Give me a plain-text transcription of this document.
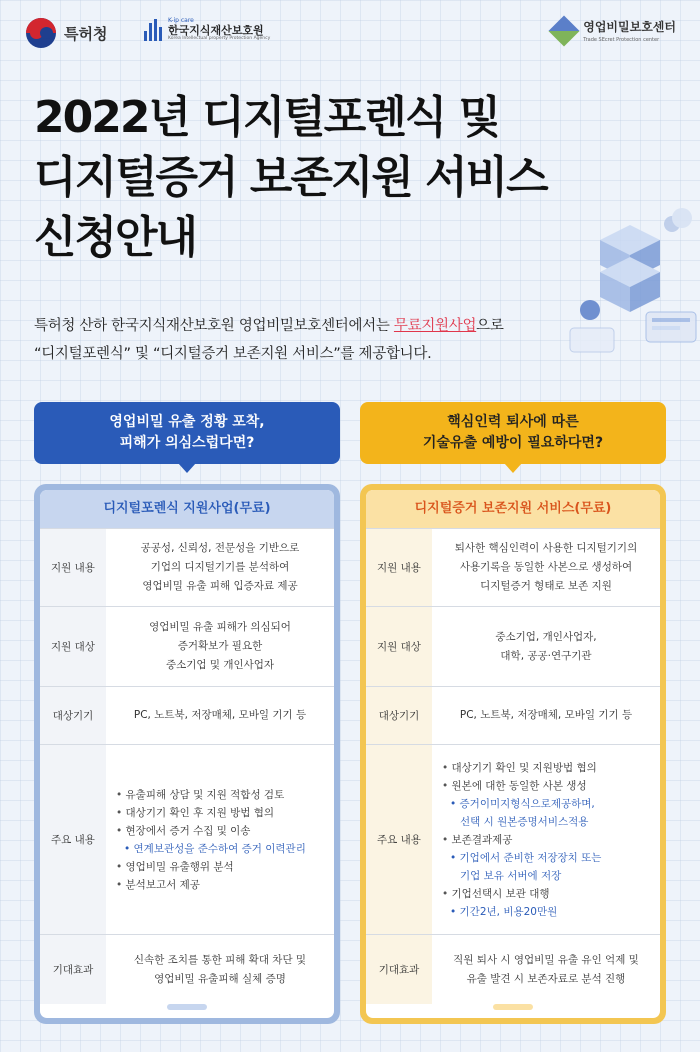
특허청
K-ip care
한국지식재산보호원
Korea Intellectual property Protection Agency
영업비밀보호센터
Trade SEcret Protection center
2022년 디지털포렌식 및
디지털증거 보존지원 서비스
신청안내
특허청 산하 한국지식재산보호원 영업비밀보호센터에서는 무료지원사업으로
“디지털포렌식” 및 “디지털증거 보존지원 서비스”를 제공합니다.
영업비밀 유출 정황 포착,
피해가 의심스럽다면?
핵심인력 퇴사에 따른
기술유출 예방이 필요하다면?
디지털포렌식 지원사업(무료)
지원 내용
공공성, 신뢰성, 전문성을 기반으로
기업의 디지털기기를 분석하여
영업비밀 유출 피해 입증자료 제공
지원 대상
영업비밀 유출 피해가 의심되어
증거확보가 필요한
중소기업 및 개인사업자
대상기기	PC, 노트북, 저장매체, 모바일 기기 등
주요 내용
• 유출피해 상담 및 지원 적합성 검토
• 대상기기 확인 후 지원 방법 협의
• 현장에서 증거 수집 및 이송
• 연계보관성을 준수하여 증거 이력관리
• 영업비밀 유출행위 분석
• 분석보고서 제공
기대효과
신속한 조치를 통한 피해 확대 차단 및
영업비밀 유출피해 실체 증명
디지털증거 보존지원 서비스(무료)
지원 내용
퇴사한 핵심인력이 사용한 디지털기기의
사용기록을 동일한 사본으로 생성하여
디지털증거 형태로 보존 지원
지원 대상
중소기업, 개인사업자,
대학, 공공·연구기관
대상기기	PC, 노트북, 저장매체, 모바일 기기 등
주요 내용
• 대상기기 확인 및 지원방법 협의
• 원본에 대한 동일한 사본 생성
• 증거이미지형식으로제공하며,
선택 시 원본증명서비스적용
• 보존결과제공
• 기업에서 준비한 저장장치 또는
기업 보유 서버에 저장
• 기업선택시 보관 대행
• 기간2년, 비용20만원
기대효과
직원 퇴사 시 영업비밀 유출 유인 억제 및
유출 발견 시 보존자료로 분석 진행
